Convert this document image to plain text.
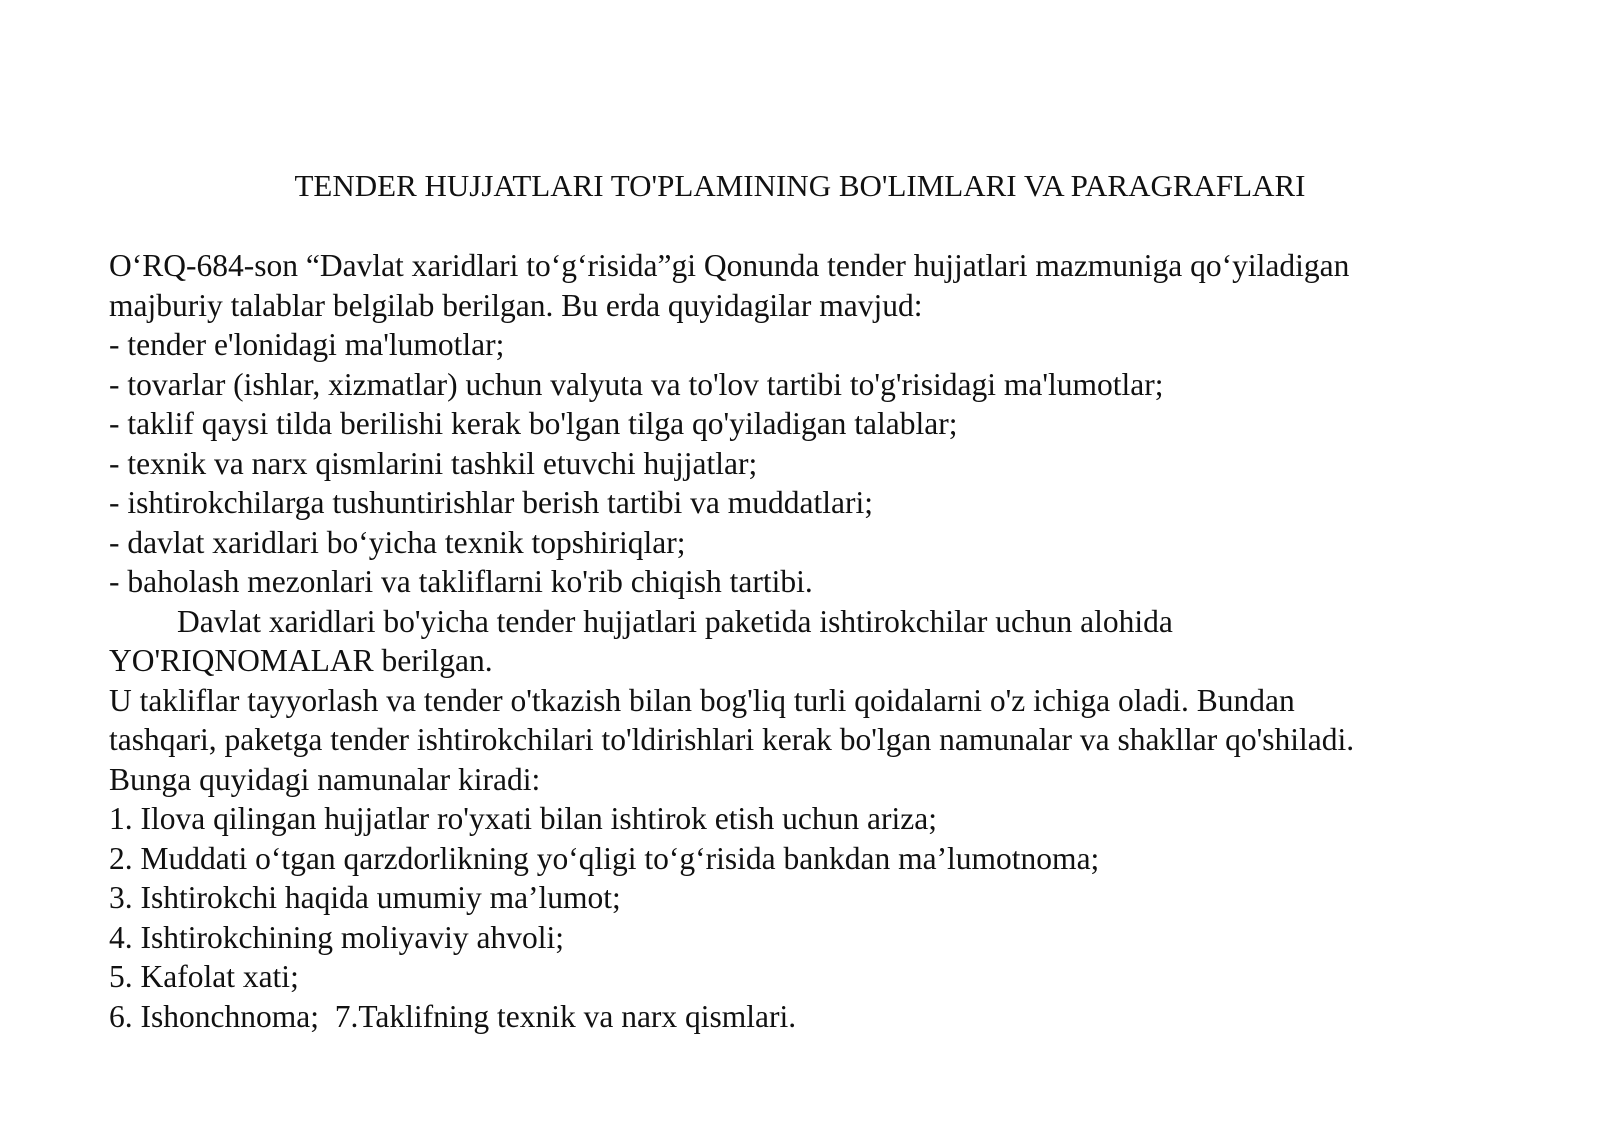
TENDER HUJJATLARI TO'PLAMINING BO'LIMLARI VA PARAGRAFLARI
O‘RQ-684-son “Davlat xaridlari to‘g‘risida”gi Qonunda tender hujjatlari mazmuniga qo‘yiladigan
majburiy talablar belgilab berilgan. Bu erda quyidagilar mavjud:
- tender e'lonidagi ma'lumotlar;
- tovarlar (ishlar, xizmatlar) uchun valyuta va to'lov tartibi to'g'risidagi ma'lumotlar;
- taklif qaysi tilda berilishi kerak bo'lgan tilga qo'yiladigan talablar;
- texnik va narx qismlarini tashkil etuvchi hujjatlar;
- ishtirokchilarga tushuntirishlar berish tartibi va muddatlari;
- davlat xaridlari bo‘yicha texnik topshiriqlar;
- baholash mezonlari va takliflarni ko'rib chiqish tartibi.
Davlat xaridlari bo'yicha tender hujjatlari paketida ishtirokchilar uchun alohida
YO'RIQNOMALAR berilgan.
U takliflar tayyorlash va tender o'tkazish bilan bog'liq turli qoidalarni o'z ichiga oladi. Bundan
tashqari, paketga tender ishtirokchilari to'ldirishlari kerak bo'lgan namunalar va shakllar qo'shiladi.
Bunga quyidagi namunalar kiradi:
1. Ilova qilingan hujjatlar ro'yxati bilan ishtirok etish uchun ariza;
2. Muddati o‘tgan qarzdorlikning yo‘qligi to‘g‘risida bankdan ma’lumotnoma;
3. Ishtirokchi haqida umumiy ma’lumot;
4. Ishtirokchining moliyaviy ahvoli;
5. Kafolat xati;
6. Ishonchnoma;  7.Taklifning texnik va narx qismlari.
